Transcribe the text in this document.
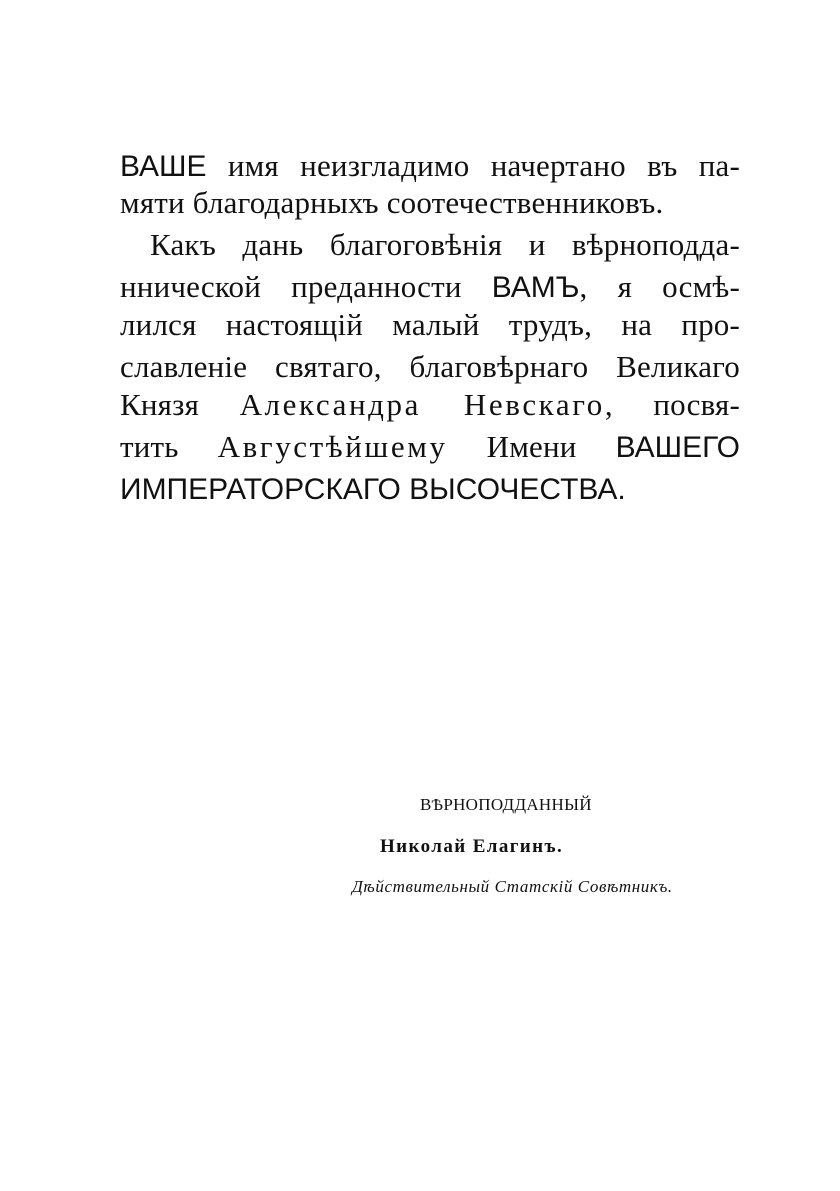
ВАШЕ имя неизгладимо начертано въ па-
мяти благодарныхъ соотечественниковъ.
Какъ дань благоговѣнія и вѣрноподда-
ннической преданности ВАМЪ, я осмѣ-
лился настоящій малый трудъ, на про-
славленіе святаго, благовѣрнаго Великаго
Князя Александра Невскаго, посвя-
тить Августѣйшему Имени ВАШЕГО
ИМПЕРАТОРСКАГО ВЫСОЧЕСТВА.
ВѢРНОПОДДАННЫЙ
Николай Елагинъ.
Дѣйствительный Статскій Совѣтникъ.
